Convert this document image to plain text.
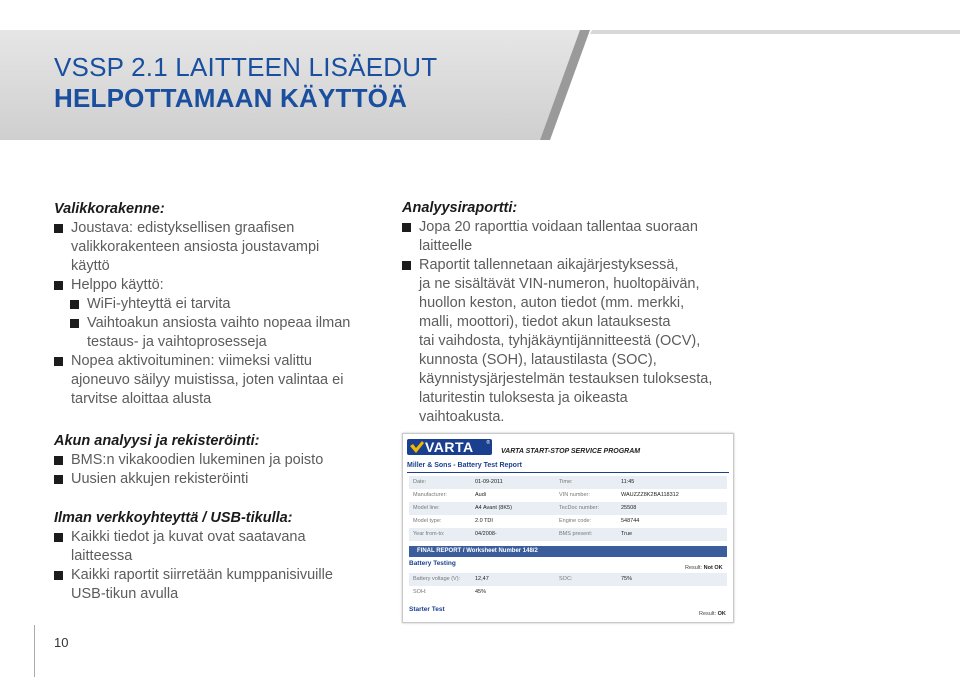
VSSP 2.1 LAITTEEN LISÄEDUT
HELPOTTAMAAN KÄYTTÖÄ
Valikkorakenne:
Joustava: edistyksellisen graafisen
valikkorakenteen ansiosta joustavampi
käyttö
Helppo käyttö:
WiFi-yhteyttä ei tarvita
Vaihtoakun ansiosta vaihto nopeaa ilman
testaus- ja vaihtoprosesseja
Nopea aktivoituminen: viimeksi valittu
ajoneuvo säilyy muistissa, joten valintaa ei
tarvitse aloittaa alusta
Akun analyysi ja rekisteröinti:
BMS:n vikakoodien lukeminen ja poisto
Uusien akkujen rekisteröinti
Ilman verkkoyhteyttä / USB-tikulla:
Kaikki tiedot ja kuvat ovat saatavana
laitteessa
Kaikki raportit siirretään kumppanisivuille
USB-tikun avulla
Analyysiraportti:
Jopa 20 raporttia voidaan tallentaa suoraan
laitteelle
Raportit tallennetaan aikajärjestyksessä,
ja ne sisältävät VIN-numeron, huoltopäivän,
huollon keston, auton tiedot (mm. merkki,
malli, moottori), tiedot akun latauksesta
tai vaihdosta, tyhjäkäyntijännitteestä (OCV),
kunnosta (SOH), lataustilasta (SOC),
käynnistysjärjestelmän testauksen tuloksesta,
laturitestin tuloksesta ja oikeasta
vaihtoakusta.
VARTA	®
VARTA START-STOP SERVICE PROGRAM
Miller & Sons - Battery Test Report
Date:	01-09-2011	Time:	11:45
Manufacturer:	Audi	VIN number:	WAUZZZ8K2BA118312
Model line:	A4 Avant (8K5)	TecDoc number:	25508
Model type:	2.0 TDI	Engine code:	548744
Year from-to:	04/2008-	BMS present:	True
FINAL REPORT / Worksheet Number 148/2
Battery Testing
Result: Not OK
Battery voltage (V):	12,47	SOC:	75%
SOH:	45%
Starter Test
Result: OK
10
